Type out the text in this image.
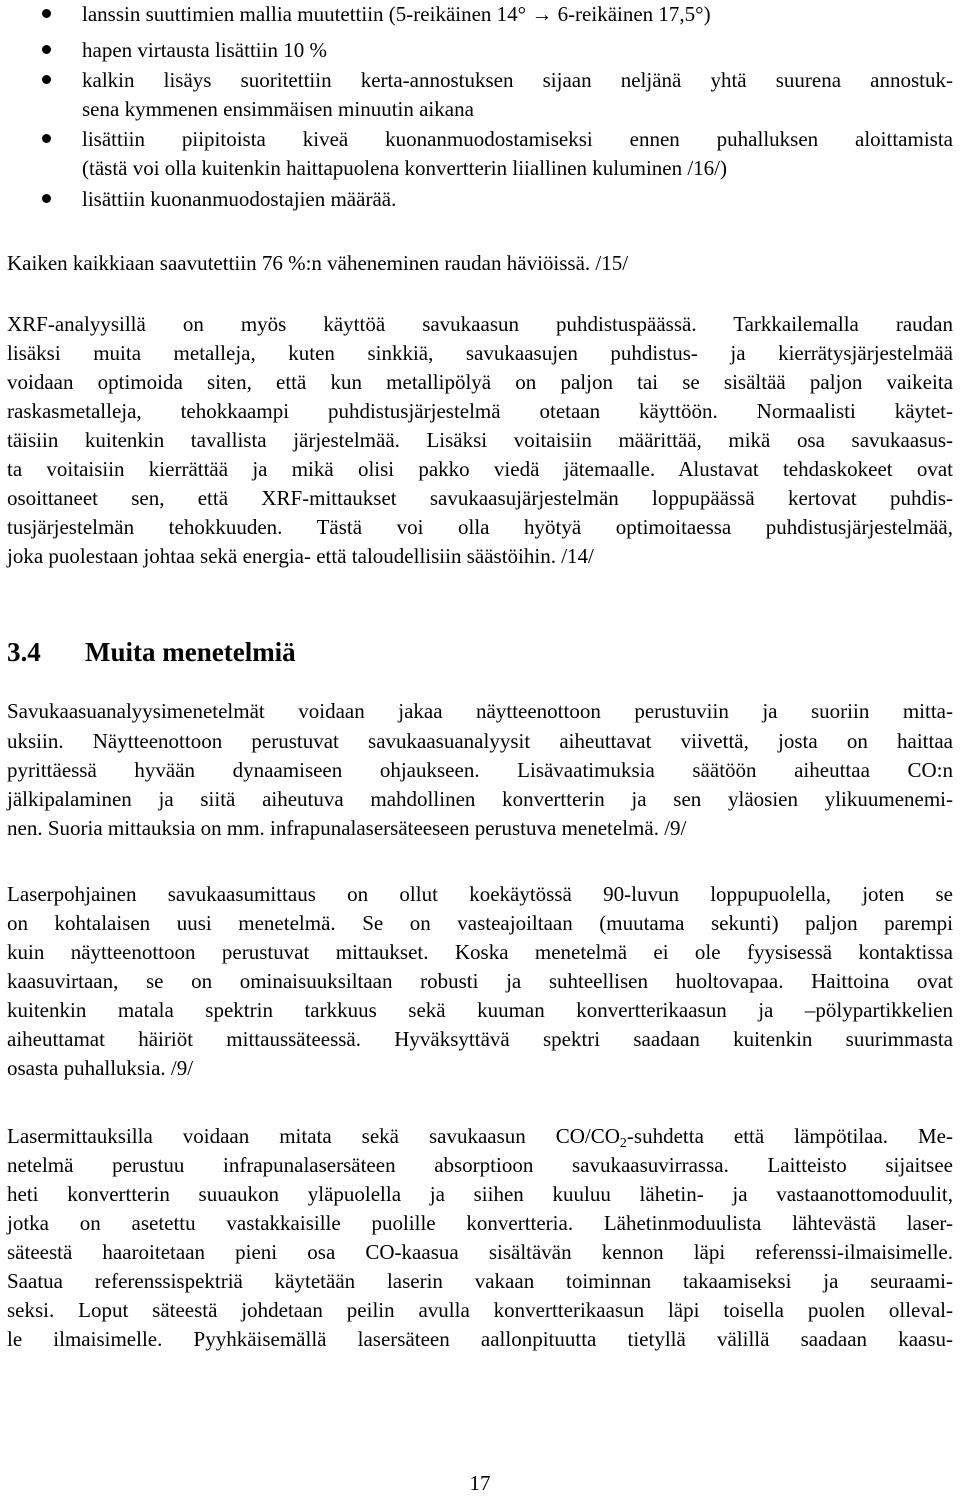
lanssin suuttimien mallia muutettiin (5-reikäinen 14° → 6-reikäinen 17,5°)
hapen virtausta lisättiin 10 %
kalkin lisäys suoritettiin kerta-annostuksen sijaan neljänä yhtä suurena annostuk-
sena kymmenen ensimmäisen minuutin aikana
lisättiin piipitoista kiveä kuonanmuodostamiseksi ennen puhalluksen aloittamista
(tästä voi olla kuitenkin haittapuolena konvertterin liiallinen kuluminen /16/)
lisättiin kuonanmuodostajien määrää.
Kaiken kaikkiaan saavutettiin 76 %:n väheneminen raudan häviöissä. /15/
XRF-analyysillä on myös käyttöä savukaasun puhdistuspäässä. Tarkkailemalla raudan
lisäksi muita metalleja, kuten sinkkiä, savukaasujen puhdistus- ja kierrätysjärjestelmää
voidaan optimoida siten, että kun metallipölyä on paljon tai se sisältää paljon vaikeita
raskasmetalleja, tehokkaampi puhdistusjärjestelmä otetaan käyttöön. Normaalisti käytet-
täisiin kuitenkin tavallista järjestelmää. Lisäksi voitaisiin määrittää, mikä osa savukaasus-
ta voitaisiin kierrättää ja mikä olisi pakko viedä jätemaalle. Alustavat tehdaskokeet ovat
osoittaneet sen, että XRF-mittaukset savukaasujärjestelmän loppupäässä kertovat puhdis-
tusjärjestelmän tehokkuuden. Tästä voi olla hyötyä optimoitaessa puhdistusjärjestelmää,
joka puolestaan johtaa sekä energia- että taloudellisiin säästöihin. /14/
3.4 Muita menetelmiä
Savukaasuanalyysimenetelmät voidaan jakaa näytteenottoon perustuviin ja suoriin mitta-
uksiin. Näytteenottoon perustuvat savukaasuanalyysit aiheuttavat viivettä, josta on haittaa
pyrittäessä hyvään dynaamiseen ohjaukseen. Lisävaatimuksia säätöön aiheuttaa CO:n
jälkipalaminen ja siitä aiheutuva mahdollinen konvertterin ja sen yläosien ylikuumenemi-
nen. Suoria mittauksia on mm. infrapunalasersäteeseen perustuva menetelmä. /9/
Laserpohjainen savukaasumittaus on ollut koekäytössä 90-luvun loppupuolella, joten se
on kohtalaisen uusi menetelmä. Se on vasteajoiltaan (muutama sekunti) paljon parempi
kuin näytteenottoon perustuvat mittaukset. Koska menetelmä ei ole fyysisessä kontaktissa
kaasuvirtaan, se on ominaisuuksiltaan robusti ja suhteellisen huoltovapaa. Haittoina ovat
kuitenkin matala spektrin tarkkuus sekä kuuman konvertterikaasun ja –pölypartikkelien
aiheuttamat häiriöt mittaussäteessä. Hyväksyttävä spektri saadaan kuitenkin suurimmasta
osasta puhalluksia. /9/
Lasermittauksilla voidaan mitata sekä savukaasun $CO/CO_2$-suhdetta että lämpötilaa. Me-
netelmä perustuu infrapunalasersäteen absorptioon savukaasuvirrassa. Laitteisto sijaitsee
heti konvertterin suuaukon yläpuolella ja siihen kuuluu lähetin- ja vastaanottomoduulit,
jotka on asetettu vastakkaisille puolille konvertteria. Lähetinmoduulista lähtevästä laser-
säteestä haaroitetaan pieni osa CO-kaasua sisältävän kennon läpi referenssi-ilmaisimelle.
Saatua referenssispektriä käytetään laserin vakaan toiminnan takaamiseksi ja seuraami-
seksi. Loput säteestä johdetaan peilin avulla konvertterikaasun läpi toisella puolen olleval-
le ilmaisimelle. Pyyhkäisemällä lasersäteen aallonpituutta tietyllä välillä saadaan kaasu-
17
